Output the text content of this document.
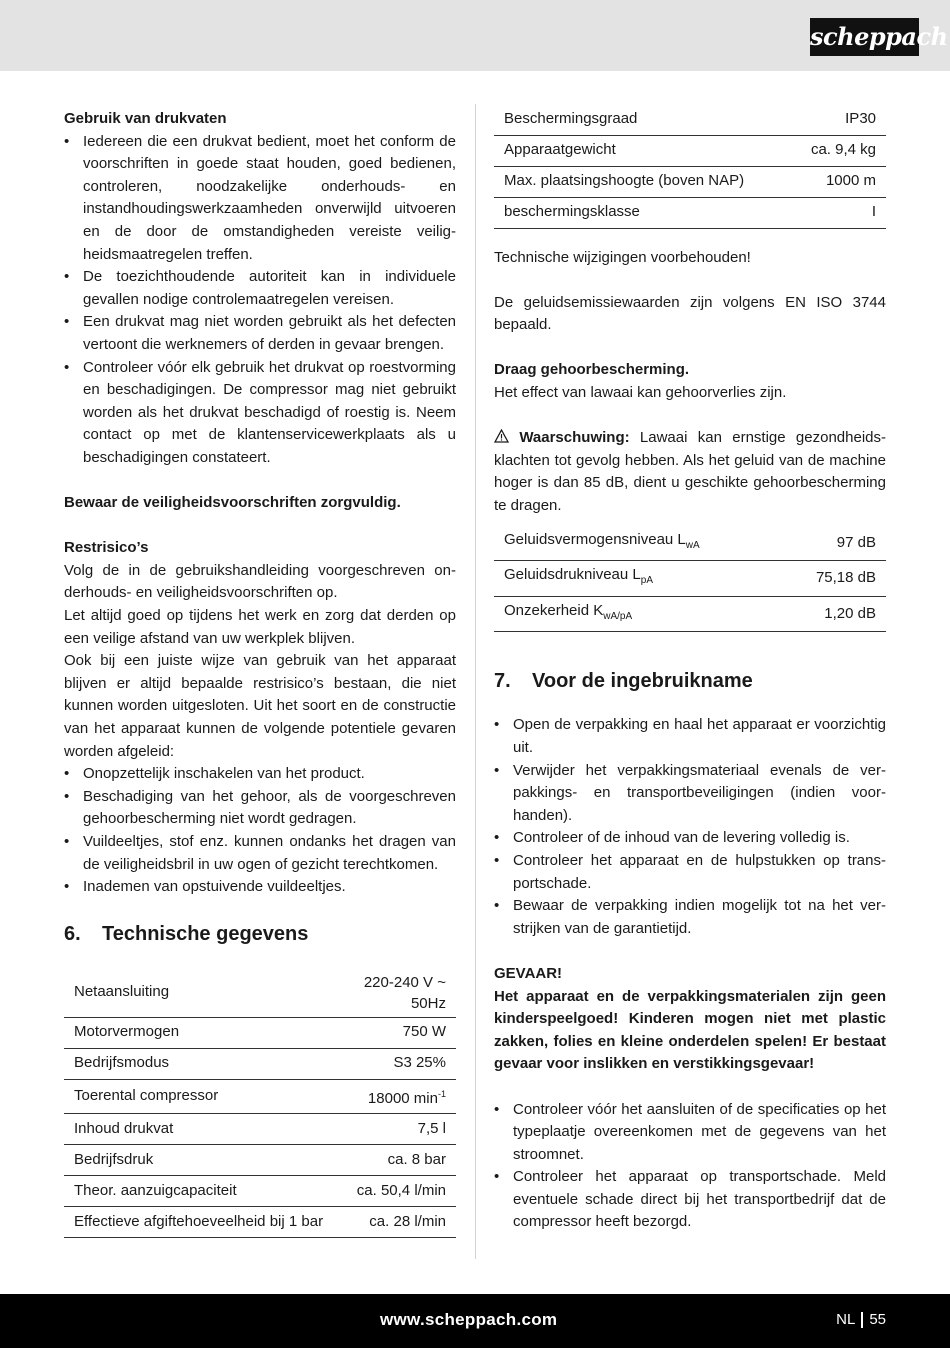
scheppach
Gebruik van drukvaten
• Iedereen die een drukvat bedient, moet het conform de voorschriften in goede staat houden, goed bedienen, controleren, noodzakelijke onderhouds- en instandhoudingswerkzaamheden onverwijld uitvoeren en de door de omstandigheden vereiste veiligheidsmaatregelen treffen.
• De toezichthoudende autoriteit kan in individuele gevallen nodige controlemaatregelen vereisen.
• Een drukvat mag niet worden gebruikt als het defecten vertoont die werknemers of derden in gevaar brengen.
• Controleer vóór elk gebruik het drukvat op roestvorming en beschadigingen. De compressor mag niet gebruikt worden als het drukvat beschadigd of roestig is. Neem contact op met de klantenservicewerkplaats als u beschadigingen constateert.
Bewaar de veiligheidsvoorschriften zorgvuldig.
Restrisico’s
Volg de in de gebruikshandleiding voorgeschreven onderhouds- en veiligheidsvoorschriften op.
Let altijd goed op tijdens het werk en zorg dat derden op een veilige afstand van uw werkplek blijven.
Ook bij een juiste wijze van gebruik van het apparaat blijven er altijd bepaalde restrisico’s bestaan, die niet kunnen worden uitgesloten. Uit het soort en de constructie van het apparaat kunnen de volgende potentiele gevaren worden afgeleid:
• Onopzettelijk inschakelen van het product.
• Beschadiging van het gehoor, als de voorgeschreven gehoorbescherming niet wordt gedragen.
• Vuildeeltjes, stof enz. kunnen ondanks het dragen van de veiligheidsbril in uw ogen of gezicht terechtkomen.
• Inademen van opstuivende vuildeeltjes.
6.	Technische gegevens
Netaansluiting	220-240 V ~ 50Hz
Motorvermogen	750 W
Bedrijfsmodus	S3 25%
Toerental compressor	18000 $\min^{-1}$
Inhoud drukvat	7,5 l
Bedrijfsdruk	ca. 8 bar
Theor. aanzuigcapaciteit	ca. 50,4 l/min
Effectieve afgiftehoeveelheid bij 1 bar	ca. 28 l/min
Beschermingsgraad	IP30
Apparaatgewicht	ca. 9,4 kg
Max. plaatsingshoogte (boven NAP)	1000 m
beschermingsklasse	I
Technische wijzigingen voorbehouden!
De geluidsemissiewaarden zijn volgens EN ISO 3744 bepaald.
Draag gehoorbescherming.
Het effect van lawaai kan gehoorverlies zijn.
Waarschuwing: Lawaai kan ernstige gezondheidsklachten tot gevolg hebben. Als het geluid van de machine hoger is dan 85 dB, dient u geschikte gehoorbescherming te dragen.
Geluidsvermogensniveau $L_{wA}$	97 dB
Geluidsdrukniveau $L_{pA}$	75,18 dB
Onzekerheid $K_{wA/pA}$	1,20 dB
7.	Voor de ingebruikname
• Open de verpakking en haal het apparaat er voorzichtig uit.
• Verwijder het verpakkingsmateriaal evenals de verpakkings- en transportbeveiligingen (indien voorhanden).
• Controleer of de inhoud van de levering volledig is.
• Controleer het apparaat en de hulpstukken op transportschade.
• Bewaar de verpakking indien mogelijk tot na het verstrijken van de garantietijd.
GEVAAR!
Het apparaat en de verpakkingsmaterialen zijn geen kinderspeelgoed! Kinderen mogen niet met plastic zakken, folies en kleine onderdelen spelen! Er bestaat gevaar voor inslikken en verstikkingsgevaar!
• Controleer vóór het aansluiten of de specificaties op het typeplaatje overeenkomen met de gegevens van het stroomnet.
• Controleer het apparaat op transportschade. Meld eventuele schade direct bij het transportbedrijf dat de compressor heeft bezorgd.
www.scheppach.com	NL 55
